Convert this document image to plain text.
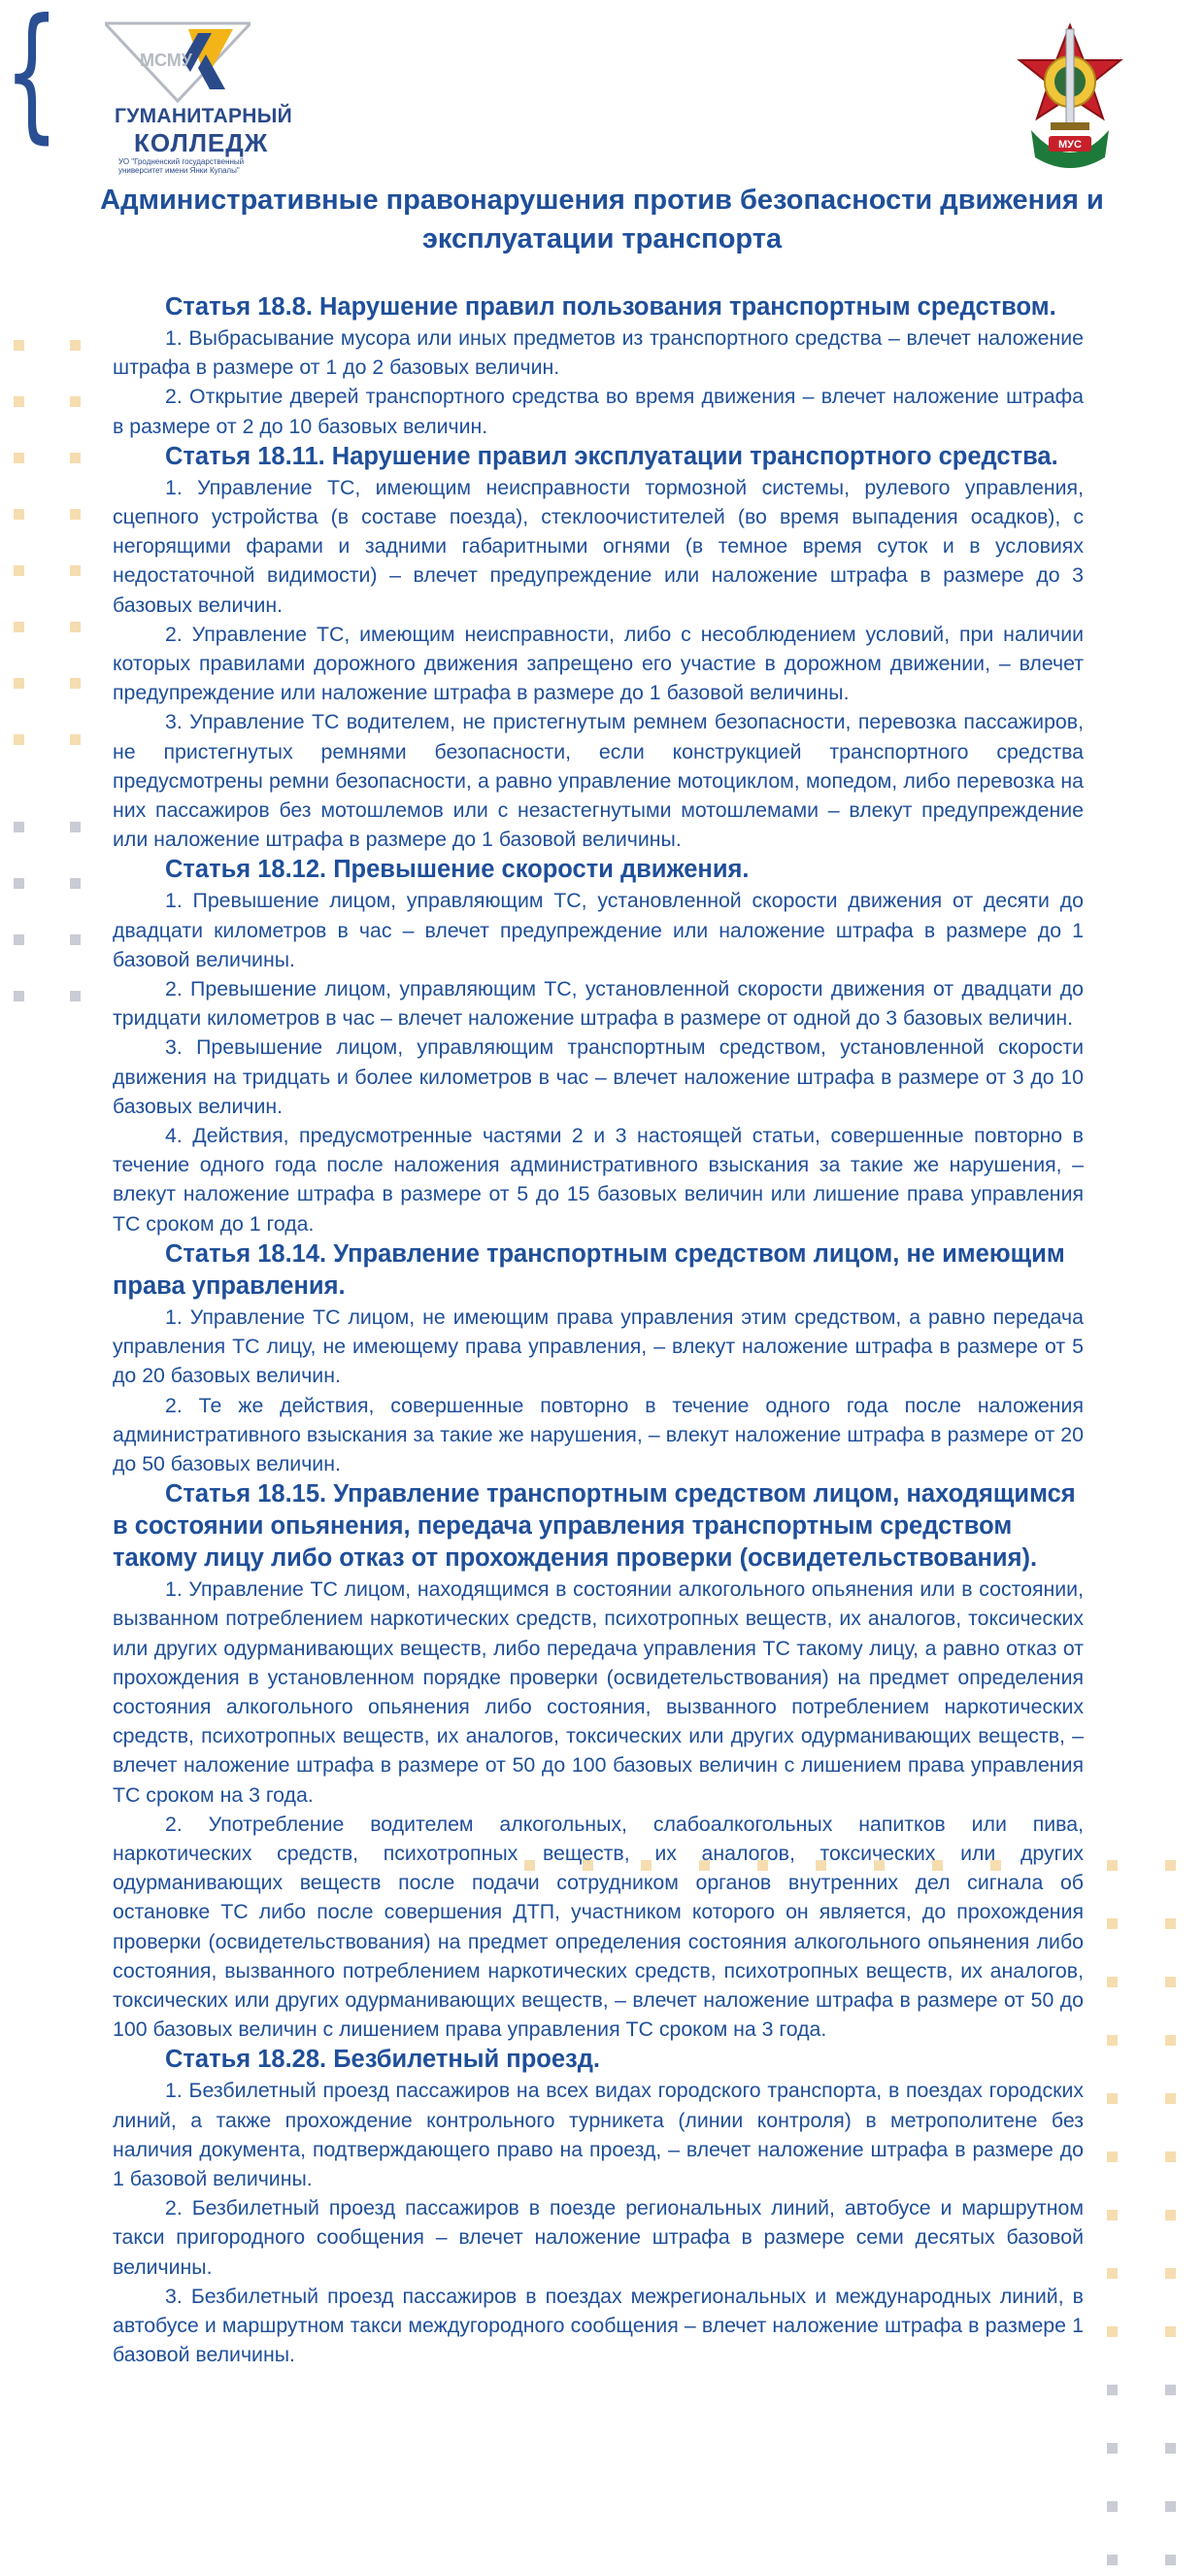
{	МСМУ
ГУМАНИТАРНЫЙ
КОЛЛЕДЖ
УО "Гродненский государственный университет имени Янки Купалы"
МУС
Административные правонарушения против безопасности движения и эксплуатации транспорта
Статья 18.8. Нарушение правил пользования транспортным средством.

1. Выбрасывание мусора или иных предметов из транспортного средства – влечет наложение штрафа в размере от 1 до 2 базовых величин.

2. Открытие дверей транспортного средства во время движения – влечет наложение штрафа в размере от 2 до 10 базовых величин.

Статья 18.11. Нарушение правил эксплуатации транспортного средства.

1. Управление ТС, имеющим неисправности тормозной системы, рулевого управления, сцепного устройства (в составе поезда), стеклоочистителей (во время выпадения осадков), с негорящими фарами и задними габаритными огнями (в темное время суток и в условиях недостаточной видимости) – влечет предупреждение или наложение штрафа в размере до 3 базовых величин.

2. Управление ТС, имеющим неисправности, либо с несоблюдением условий, при наличии которых правилами дорожного движения запрещено его участие в дорожном движении, – влечет предупреждение или наложение штрафа в размере до 1 базовой величины.

3. Управление ТС водителем, не пристегнутым ремнем безопасности, перевозка пассажиров, не пристегнутых ремнями безопасности, если конструкцией транспортного средства предусмотрены ремни безопасности, а равно управление мотоциклом, мопедом, либо перевозка на них пассажиров без мотошлемов или с незастегнутыми мотошлемами – влекут предупреждение или наложение штрафа в размере до 1 базовой величины.

Статья 18.12. Превышение скорости движения.

1. Превышение лицом, управляющим ТС, установленной скорости движения от десяти до двадцати километров в час – влечет предупреждение или наложение штрафа в размере до 1 базовой величины.

2. Превышение лицом, управляющим ТС, установленной скорости движения от двадцати до тридцати километров в час – влечет наложение штрафа в размере от одной до 3 базовых величин.

3. Превышение лицом, управляющим транспортным средством, установленной скорости движения на тридцать и более километров в час – влечет наложение штрафа в размере от 3 до 10 базовых величин.

4. Действия, предусмотренные частями 2 и 3 настоящей статьи, совершенные повторно в течение одного года после наложения административного взыскания за такие же нарушения, – влекут наложение штрафа в размере от 5 до 15 базовых величин или лишение права управления ТС сроком до 1 года.

Статья 18.14. Управление транспортным средством лицом, не имеющим права управления.

1. Управление ТС лицом, не имеющим права управления этим средством, а равно передача управления ТС лицу, не имеющему права управления, – влекут наложение штрафа в размере от 5 до 20 базовых величин.

2. Те же действия, совершенные повторно в течение одного года после наложения административного взыскания за такие же нарушения, – влекут наложение штрафа в размере от 20 до 50 базовых величин.

Статья 18.15. Управление транспортным средством лицом, находящимся в состоянии опьянения, передача управления транспортным средством такому лицу либо отказ от прохождения проверки (освидетельствования).

1. Управление ТС лицом, находящимся в состоянии алкогольного опьянения или в состоянии, вызванном потреблением наркотических средств, психотропных веществ, их аналогов, токсических или других одурманивающих веществ, либо передача управления ТС такому лицу, а равно отказ от прохождения в установленном порядке проверки (освидетельствования) на предмет определения состояния алкогольного опьянения либо состояния, вызванного потреблением наркотических средств, психотропных веществ, их аналогов, токсических или других одурманивающих веществ, – влечет наложение штрафа в размере от 50 до 100 базовых величин с лишением права управления ТС сроком на 3 года.

2. Употребление водителем алкогольных, слабоалкогольных напитков или пива, наркотических средств, психотропных веществ, их аналогов, токсических или других одурманивающих веществ после подачи сотрудником органов внутренних дел сигнала об остановке ТС либо после совершения ДТП, участником которого он является, до прохождения проверки (освидетельствования) на предмет определения состояния алкогольного опьянения либо состояния, вызванного потреблением наркотических средств, психотропных веществ, их аналогов, токсических или других одурманивающих веществ, – влечет наложение штрафа в размере от 50 до 100 базовых величин с лишением права управления ТС сроком на 3 года.

Статья 18.28. Безбилетный проезд.

1. Безбилетный проезд пассажиров на всех видах городского транспорта, в поездах городских линий, а также прохождение контрольного турникета (линии контроля) в метрополитене без наличия документа, подтверждающего право на проезд, – влечет наложение штрафа в размере до 1 базовой величины.

2. Безбилетный проезд пассажиров в поезде региональных линий, автобусе и маршрутном такси пригородного сообщения – влечет наложение штрафа в размере семи десятых базовой величины.

3. Безбилетный проезд пассажиров в поездах межрегиональных и международных линий, в автобусе и маршрутном такси междугородного сообщения – влечет наложение штрафа в размере 1 базовой величины.
